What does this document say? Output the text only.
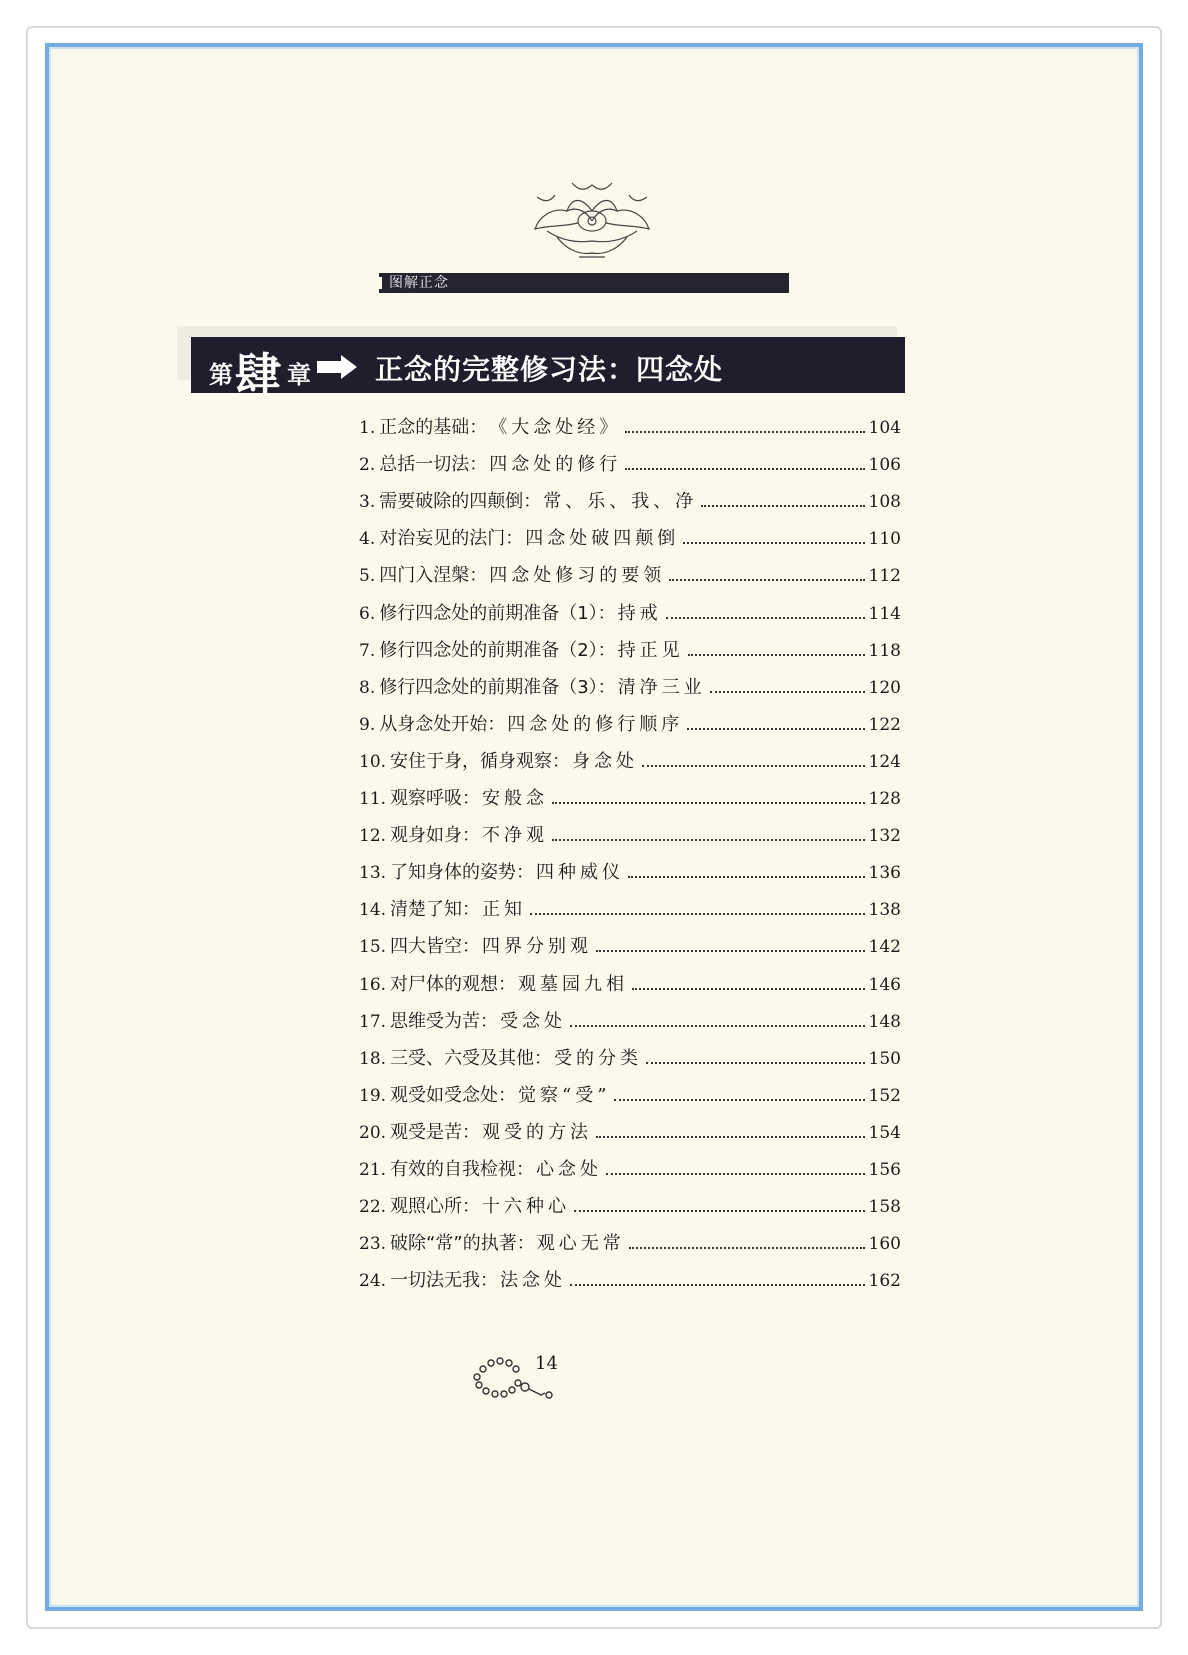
图解正念
第 肆 章 正念的完整修习法：四念处
1. 正念的基础： 《大念处经》	104
2. 总括一切法： 四念处的修行	106
3. 需要破除的四颠倒： 常、乐、我、净	108
4. 对治妄见的法门： 四念处破四颠倒	110
5. 四门入涅槃： 四念处修习的要领	112
6. 修行四念处的前期准备（1）： 持戒	114
7. 修行四念处的前期准备（2）： 持正见	118
8. 修行四念处的前期准备（3）： 清净三业	120
9. 从身念处开始： 四念处的修行顺序	122
10. 安住于身，循身观察： 身念处	124
11. 观察呼吸： 安般念	128
12. 观身如身： 不净观	132
13. 了知身体的姿势： 四种威仪	136
14. 清楚了知： 正知	138
15. 四大皆空： 四界分别观	142
16. 对尸体的观想： 观墓园九相	146
17. 思维受为苦： 受念处	148
18. 三受、六受及其他： 受的分类	150
19. 观受如受念处： 觉察“受”	152
20. 观受是苦： 观受的方法	154
21. 有效的自我检视： 心念处	156
22. 观照心所： 十六种心	158
23. 破除“常”的执著： 观心无常	160
24. 一切法无我： 法念处	162
14
